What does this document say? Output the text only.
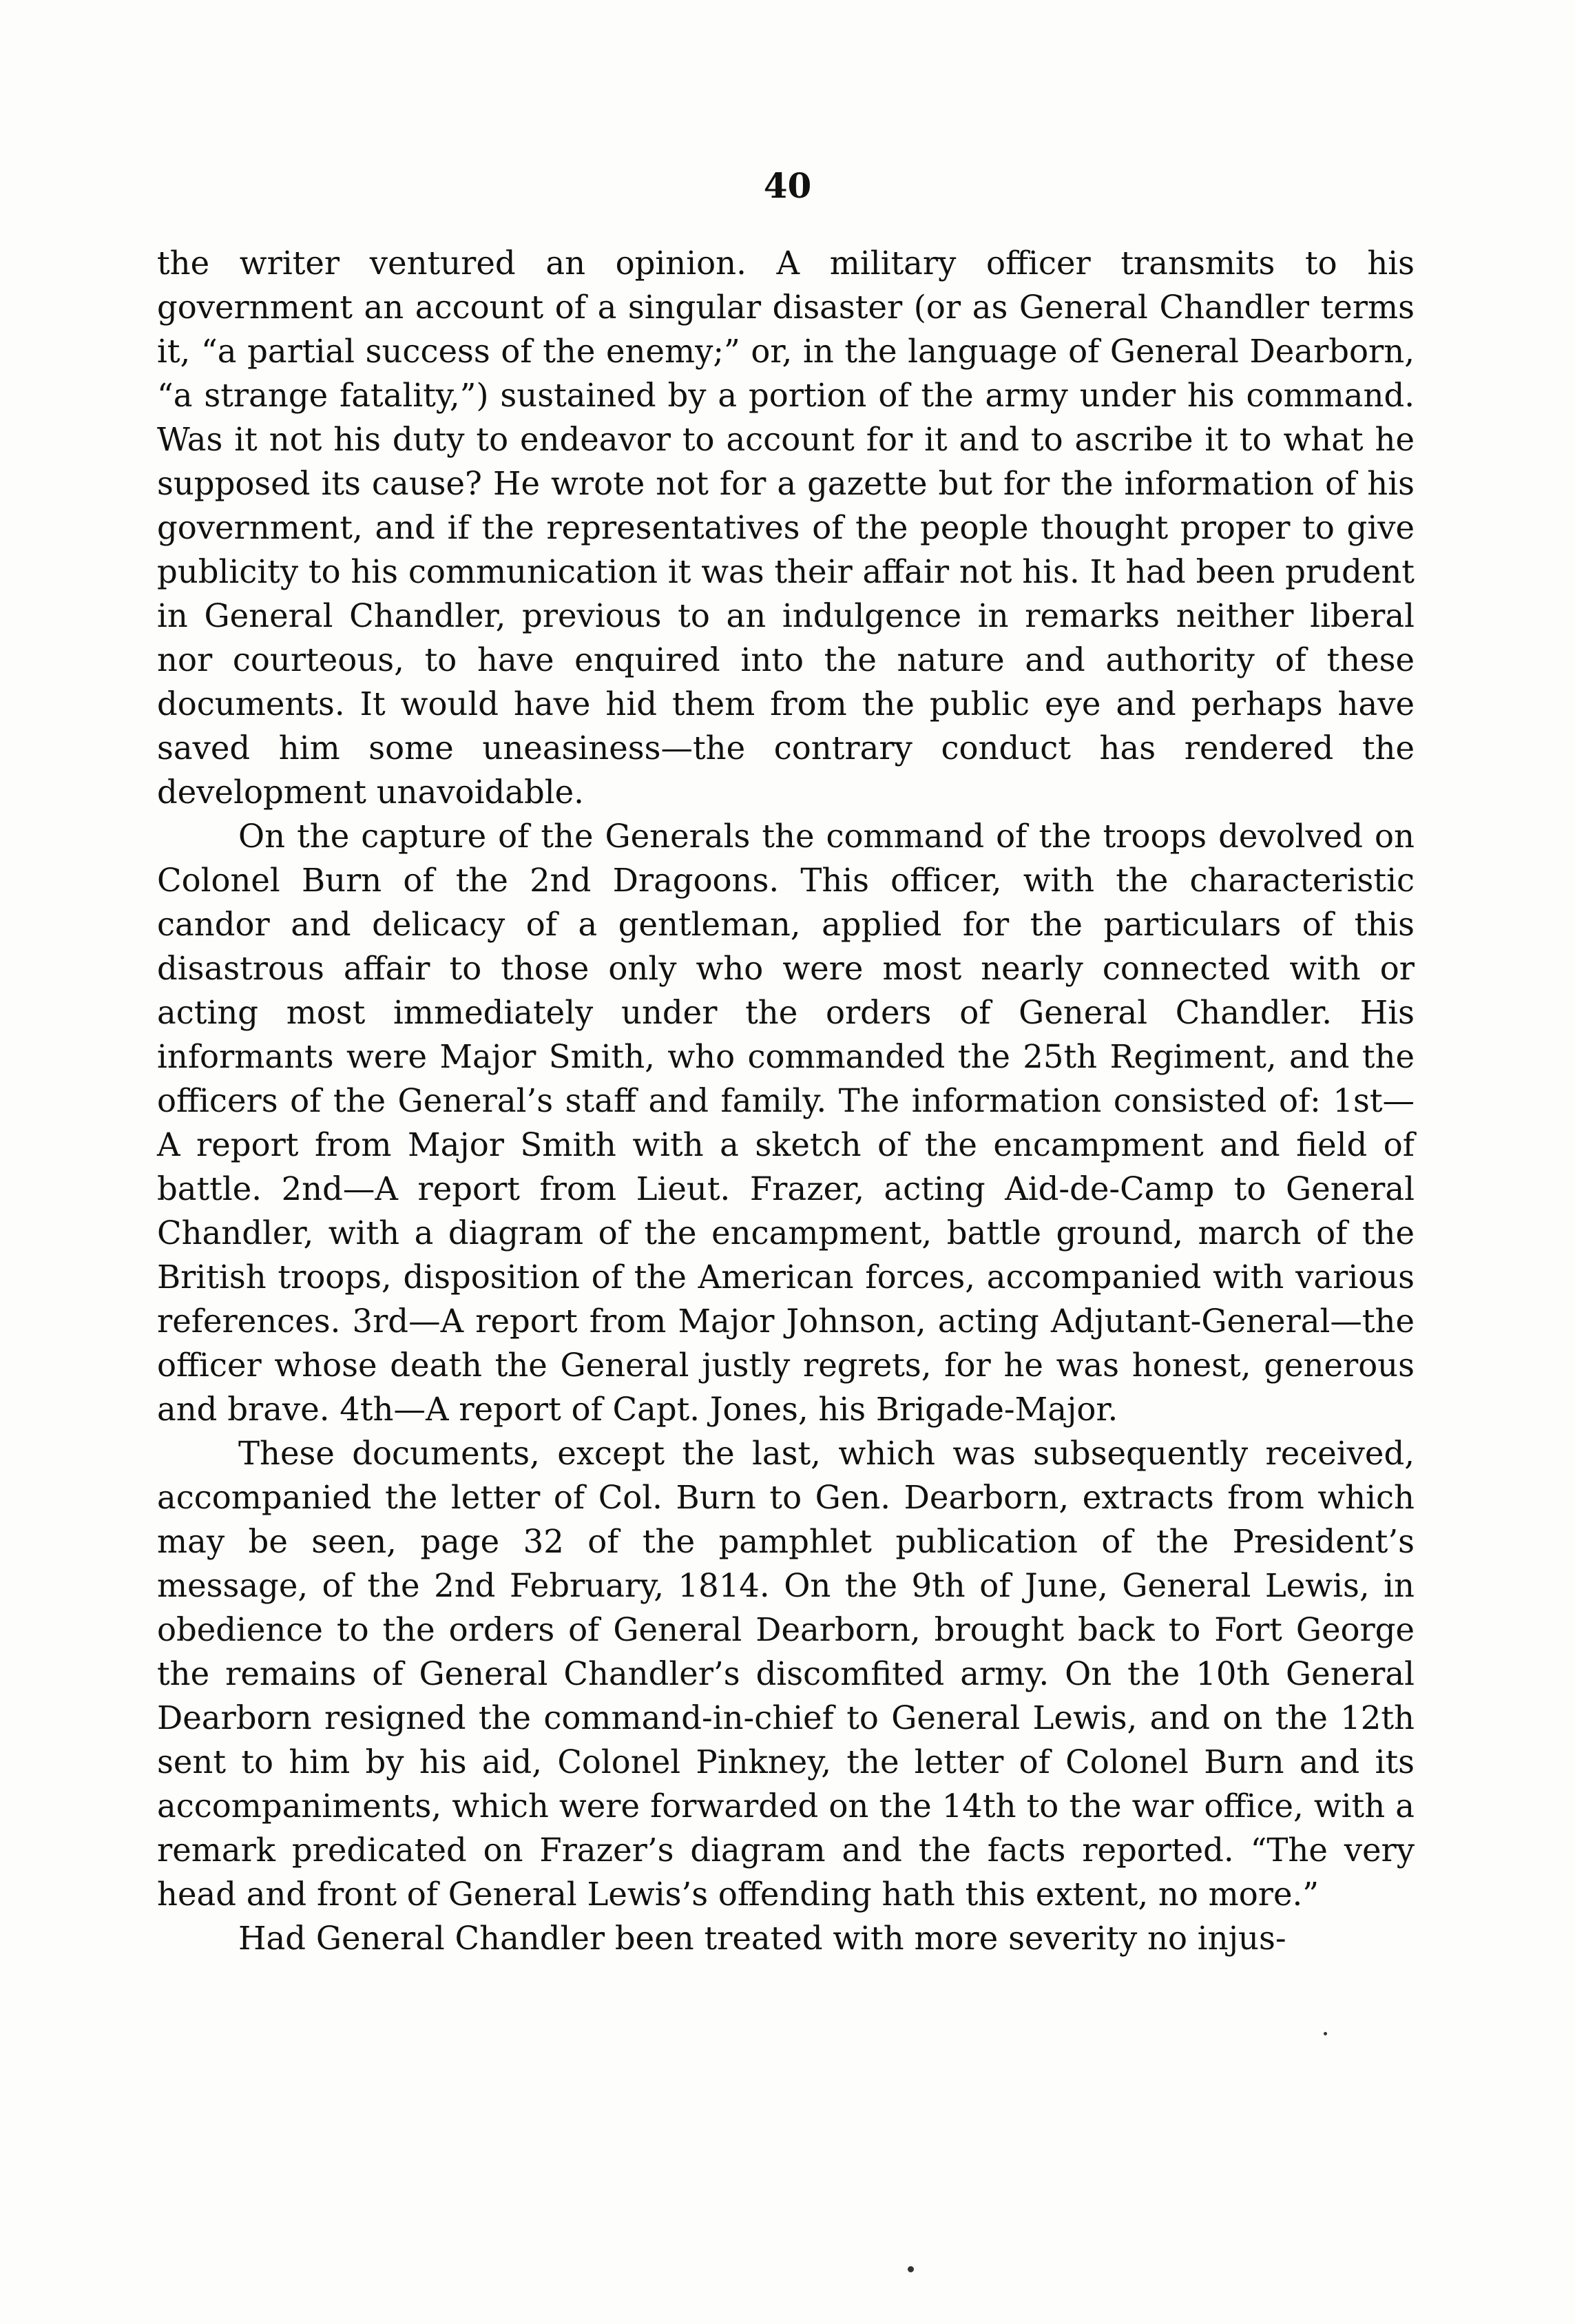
40

the writer ventured an opinion. A military officer transmits to his government an account of a singular disaster (or as General Chandler terms it, “a partial success of the enemy;” or, in the language of General Dearborn, “a strange fatality,”) sustained by a portion of the army under his command. Was it not his duty to endeavor to account for it and to ascribe it to what he supposed its cause? He wrote not for a gazette but for the information of his government, and if the representatives of the people thought proper to give publicity to his communication it was their affair not his. It had been prudent in General Chandler, previous to an indulgence in remarks neither liberal nor courteous, to have enquired into the nature and authority of these documents. It would have hid them from the public eye and perhaps have saved him some uneasiness—the contrary conduct has rendered the development unavoidable.

On the capture of the Generals the command of the troops devolved on Colonel Burn of the 2nd Dragoons. This officer, with the characteristic candor and delicacy of a gentleman, applied for the particulars of this disastrous affair to those only who were most nearly connected with or acting most immediately under the orders of General Chandler. His informants were Major Smith, who commanded the 25th Regiment, and the officers of the General’s staff and family. The information consisted of: 1st—A report from Major Smith with a sketch of the encampment and field of battle. 2nd—A report from Lieut. Frazer, acting Aid-de-Camp to General Chandler, with a diagram of the encampment, battle ground, march of the British troops, disposition of the American forces, accompanied with various references. 3rd—A report from Major Johnson, acting Adjutant-General—the officer whose death the General justly regrets, for he was honest, generous and brave. 4th—A report of Capt. Jones, his Brigade-Major.

These documents, except the last, which was subsequently received, accompanied the letter of Col. Burn to Gen. Dearborn, extracts from which may be seen, page 32 of the pamphlet publication of the President’s message, of the 2nd February, 1814. On the 9th of June, General Lewis, in obedience to the orders of General Dearborn, brought back to Fort George the remains of General Chandler’s discomfited army. On the 10th General Dearborn resigned the command-in-chief to General Lewis, and on the 12th sent to him by his aid, Colonel Pinkney, the letter of Colonel Burn and its accompaniments, which were forwarded on the 14th to the war office, with a remark predicated on Frazer’s diagram and the facts reported. “The very head and front of General Lewis’s offending hath this extent, no more.”

Had General Chandler been treated with more severity no injus-
